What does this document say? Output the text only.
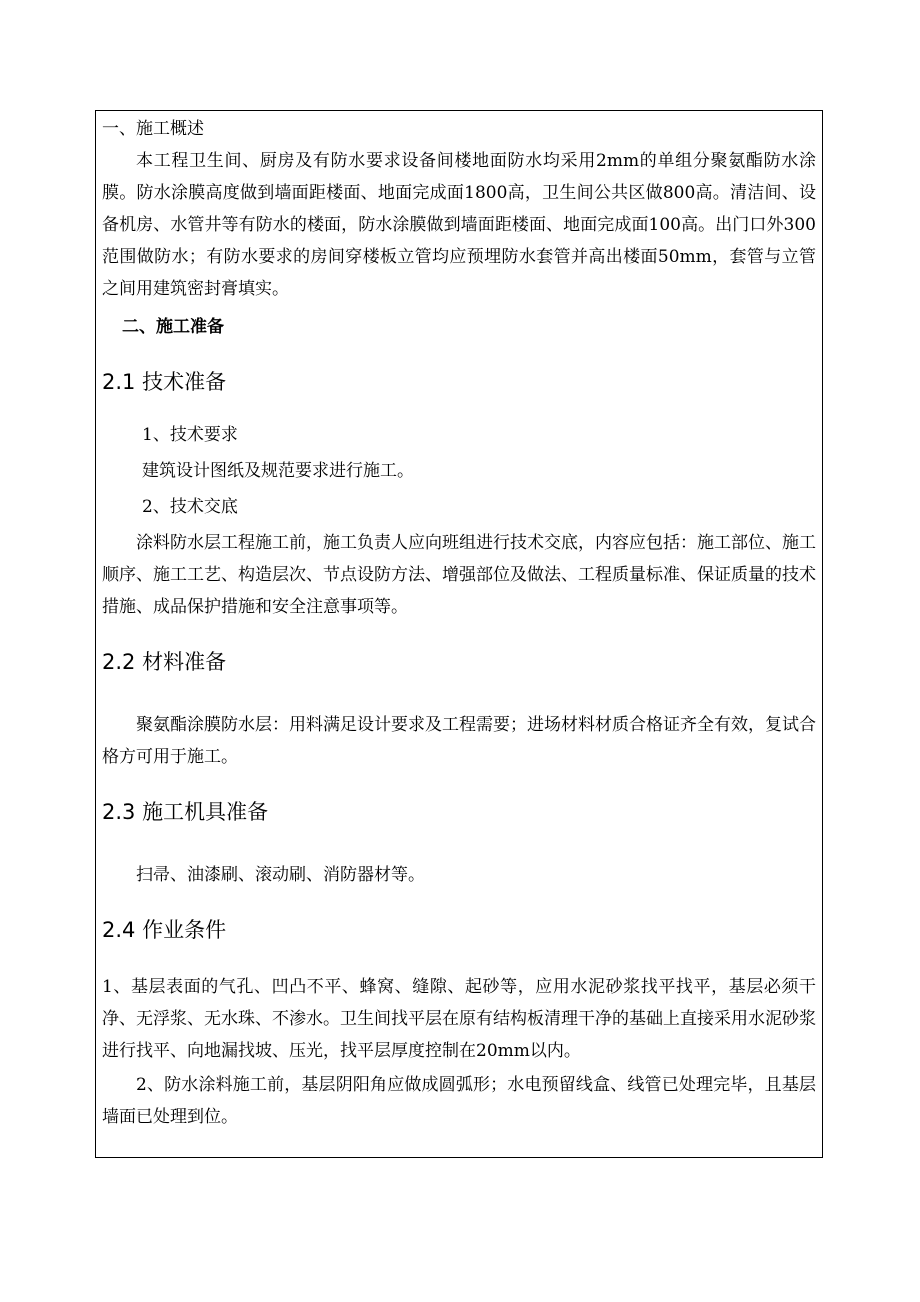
一、施工概述

本工程卫生间、厨房及有防水要求设备间楼地面防水均采用2mm的单组分聚氨酯防水涂膜。防水涂膜高度做到墙面距楼面、地面完成面1800高，卫生间公共区做800高。清洁间、设备机房、水管井等有防水的楼面，防水涂膜做到墙面距楼面、地面完成面100高。出门口外300范围做防水；有防水要求的房间穿楼板立管均应预埋防水套管并高出楼面50mm，套管与立管之间用建筑密封膏填实。

二、施工准备

2.1 技术准备

1、技术要求

建筑设计图纸及规范要求进行施工。

2、技术交底

涂料防水层工程施工前，施工负责人应向班组进行技术交底，内容应包括：施工部位、施工顺序、施工工艺、构造层次、节点设防方法、增强部位及做法、工程质量标准、保证质量的技术措施、成品保护措施和安全注意事项等。

2.2 材料准备

聚氨酯涂膜防水层：用料满足设计要求及工程需要；进场材料材质合格证齐全有效，复试合格方可用于施工。

2.3 施工机具准备

扫帚、油漆刷、滚动刷、消防器材等。

2.4 作业条件

1、基层表面的气孔、凹凸不平、蜂窝、缝隙、起砂等，应用水泥砂浆找平找平，基层必须干净、无浮浆、无水珠、不渗水。卫生间找平层在原有结构板清理干净的基础上直接采用水泥砂浆进行找平、向地漏找坡、压光，找平层厚度控制在20mm以内。

2、防水涂料施工前，基层阴阳角应做成圆弧形；水电预留线盒、线管已处理完毕，且基层墙面已处理到位。
